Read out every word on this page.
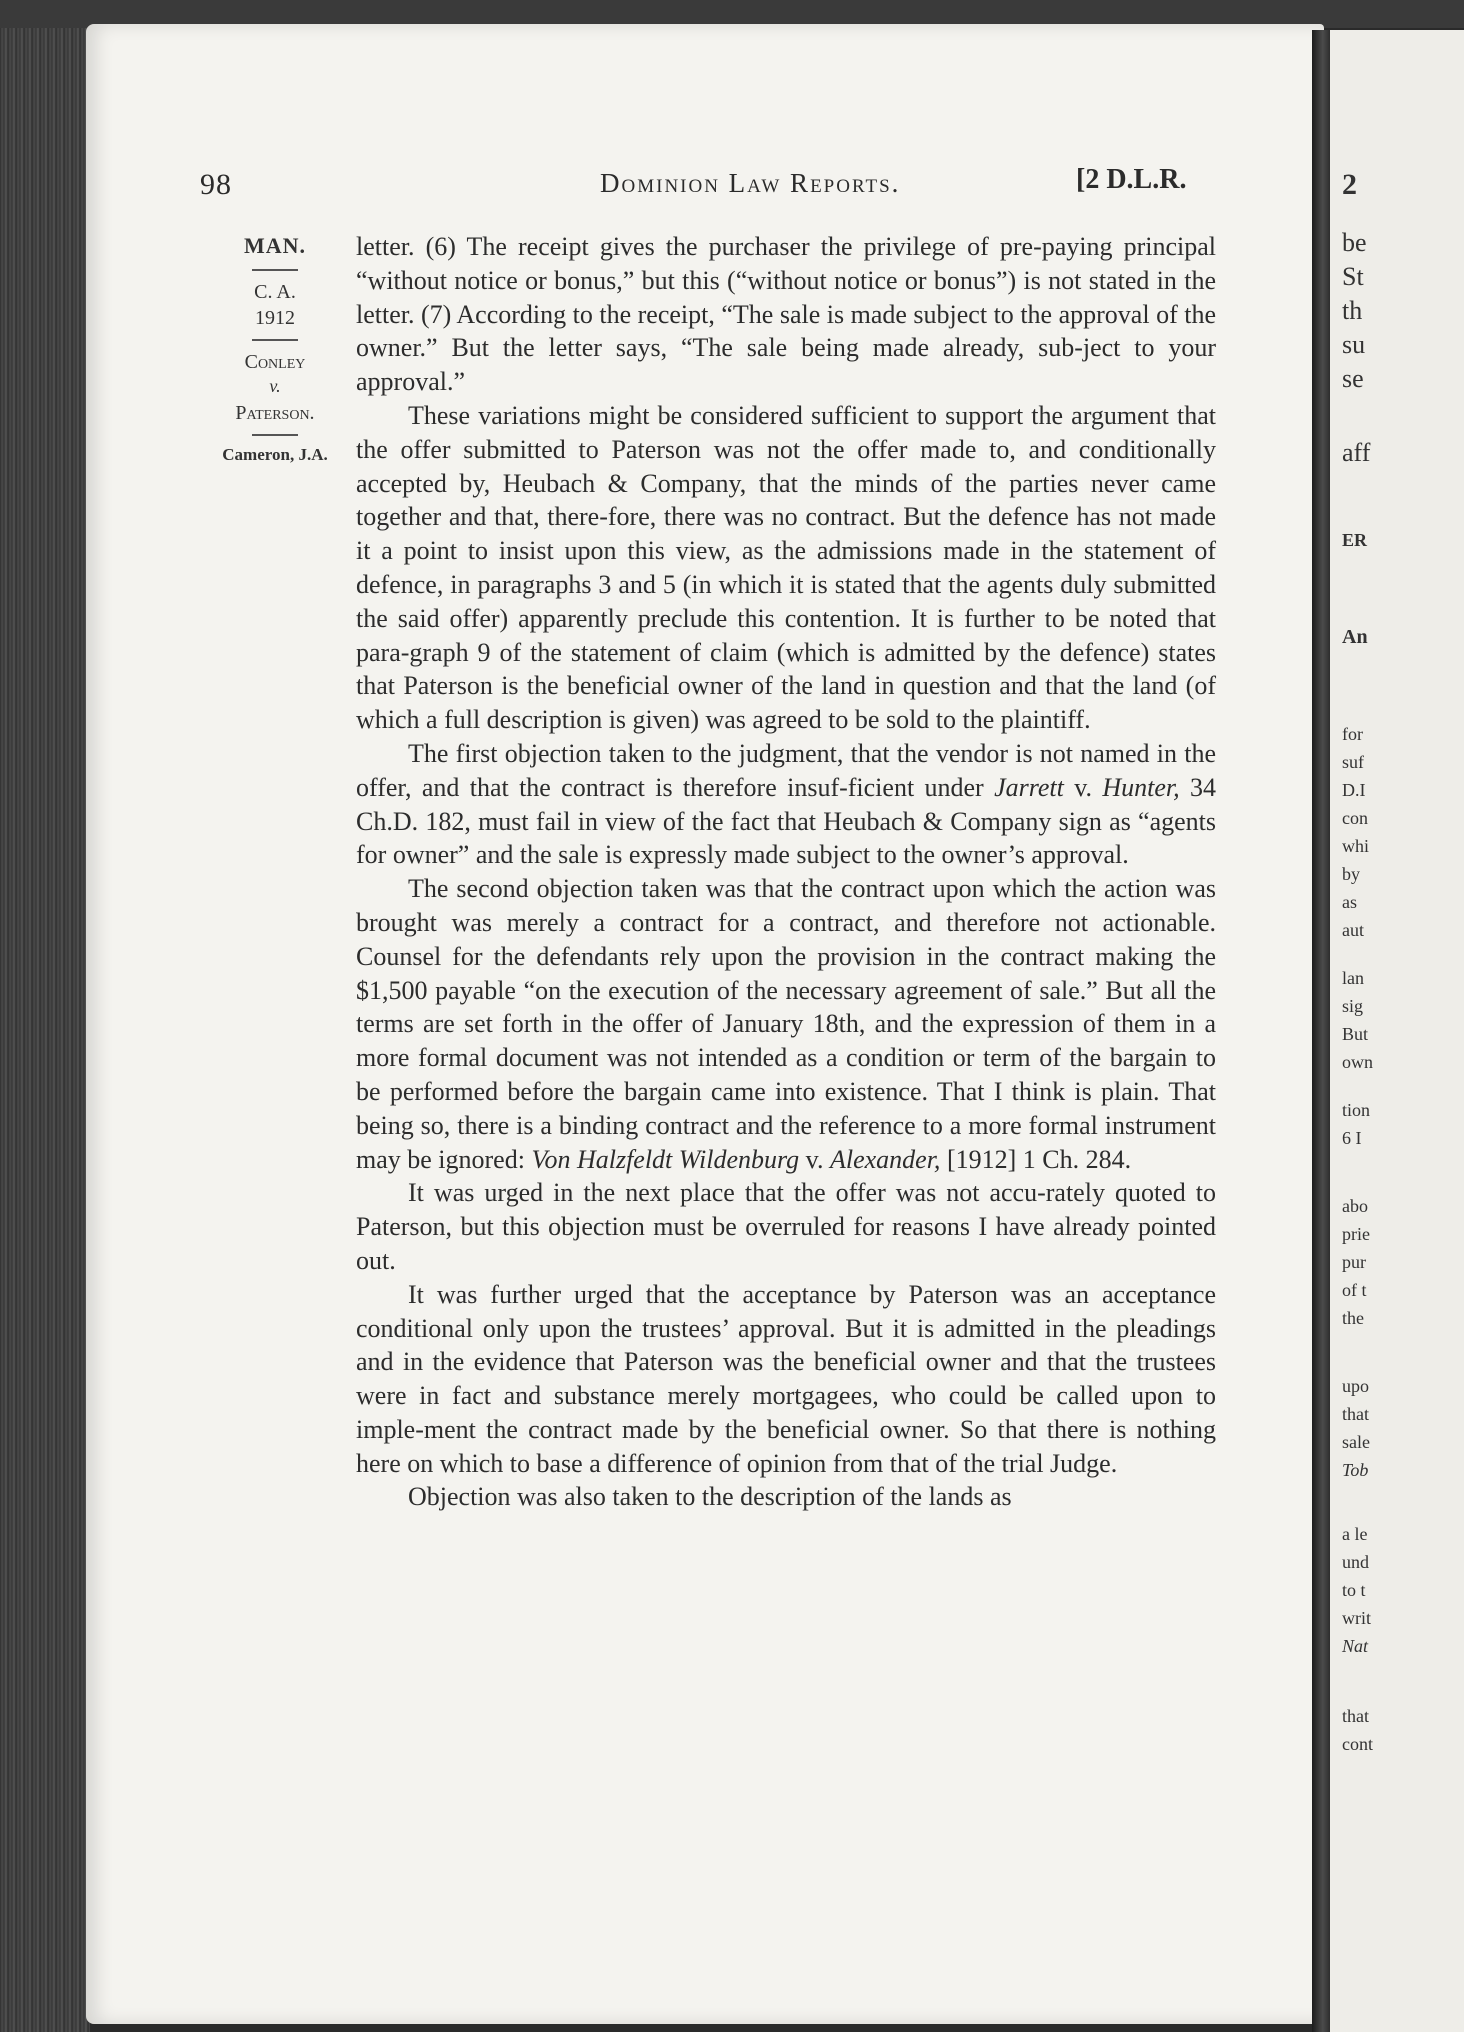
2
be
St
th
su
se
aff
ER
An
for
suf
D.I
con
whi
by
as
aut
lan
sig
But
own
tion
6 I
abo
prie
pur
of t
the
upo
that
sale
Tob
a le
und
to t
writ
Nat
that
cont
98	Dominion Law Reports.	[2 D.L.R.
MAN.
C. A.
1912
Conley
v.
Paterson.
Cameron, J.A.

letter. (6) The receipt gives the purchaser the privilege of pre-paying principal “without notice or bonus,” but this (“without notice or bonus”) is not stated in the letter. (7) According to the receipt, “The sale is made subject to the approval of the owner.” But the letter says, “The sale being made already, sub-ject to your approval.”

These variations might be considered sufficient to support the argument that the offer submitted to Paterson was not the offer made to, and conditionally accepted by, Heubach & Company, that the minds of the parties never came together and that, there-fore, there was no contract. But the defence has not made it a point to insist upon this view, as the admissions made in the statement of defence, in paragraphs 3 and 5 (in which it is stated that the agents duly submitted the said offer) apparently preclude this contention. It is further to be noted that para-graph 9 of the statement of claim (which is admitted by the defence) states that Paterson is the beneficial owner of the land in question and that the land (of which a full description is given) was agreed to be sold to the plaintiff.

The first objection taken to the judgment, that the vendor is not named in the offer, and that the contract is therefore insuf-ficient under Jarrett v. Hunter, 34 Ch.D. 182, must fail in view of the fact that Heubach & Company sign as “agents for owner” and the sale is expressly made subject to the owner’s approval.

The second objection taken was that the contract upon which the action was brought was merely a contract for a contract, and therefore not actionable. Counsel for the defendants rely upon the provision in the contract making the $1,500 payable “on the execution of the necessary agreement of sale.” But all the terms are set forth in the offer of January 18th, and the expression of them in a more formal document was not intended as a condition or term of the bargain to be performed before the bargain came into existence. That I think is plain. That being so, there is a binding contract and the reference to a more formal instrument may be ignored: Von Halzfeldt Wildenburg v. Alexander, [1912] 1 Ch. 284.

It was urged in the next place that the offer was not accu-rately quoted to Paterson, but this objection must be overruled for reasons I have already pointed out.

It was further urged that the acceptance by Paterson was an acceptance conditional only upon the trustees’ approval. But it is admitted in the pleadings and in the evidence that Paterson was the beneficial owner and that the trustees were in fact and substance merely mortgagees, who could be called upon to imple-ment the contract made by the beneficial owner. So that there is nothing here on which to base a difference of opinion from that of the trial Judge.

Objection was also taken to the description of the lands as
